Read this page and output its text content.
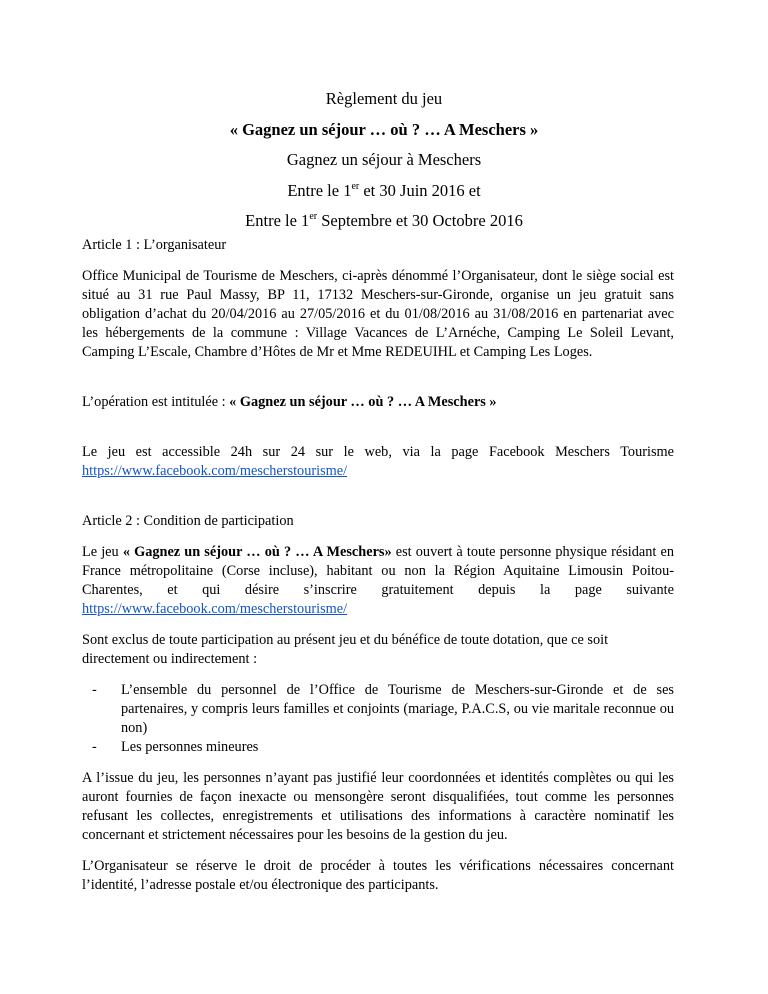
Règlement du jeu
« Gagnez un séjour … où ? … A Meschers »
Gagnez un séjour à Meschers
Entre le 1er et 30 Juin 2016 et
Entre le 1er Septembre et 30 Octobre 2016

Article 1 : L’organisateur

Office Municipal de Tourisme de Meschers, ci-après dénommé l’Organisateur, dont le siège social est situé au 31 rue Paul Massy, BP 11, 17132 Meschers-sur-Gironde, organise un jeu gratuit sans obligation d’achat du 20/04/2016 au 27/05/2016 et du 01/08/2016 au 31/08/2016 en partenariat avec les hébergements de la commune : Village Vacances de L’Arnéche, Camping Le Soleil Levant, Camping L’Escale, Chambre d’Hôtes de Mr et Mme REDEUIHL et Camping Les Loges.

L’opération est intitulée : « Gagnez un séjour … où ? … A Meschers »

Le jeu est accessible 24h sur 24 sur le web, via la page Facebook Meschers Tourisme https://www.facebook.com/mescherstourisme/

Article 2 : Condition de participation

Le jeu « Gagnez un séjour … où ? … A Meschers» est ouvert à toute personne physique résidant en France métropolitaine (Corse incluse), habitant ou non la Région Aquitaine Limousin Poitou-Charentes, et qui désire s’inscrire gratuitement depuis la page suivante https://www.facebook.com/mescherstourisme/

Sont exclus de toute participation au présent jeu et du bénéfice de toute dotation, que ce soit directement ou indirectement :

-	L’ensemble du personnel de l’Office de Tourisme de Meschers-sur-Gironde et de ses partenaires, y compris leurs familles et conjoints (mariage, P.A.C.S, ou vie maritale reconnue ou non)
-	Les personnes mineures

A l’issue du jeu, les personnes n’ayant pas justifié leur coordonnées et identités complètes ou qui les auront fournies de façon inexacte ou mensongère seront disqualifiées, tout comme les personnes refusant les collectes, enregistrements et utilisations des informations à caractère nominatif les concernant et strictement nécessaires pour les besoins de la gestion du jeu.

L’Organisateur se réserve le droit de procéder à toutes les vérifications nécessaires concernant l’identité, l’adresse postale et/ou électronique des participants.
